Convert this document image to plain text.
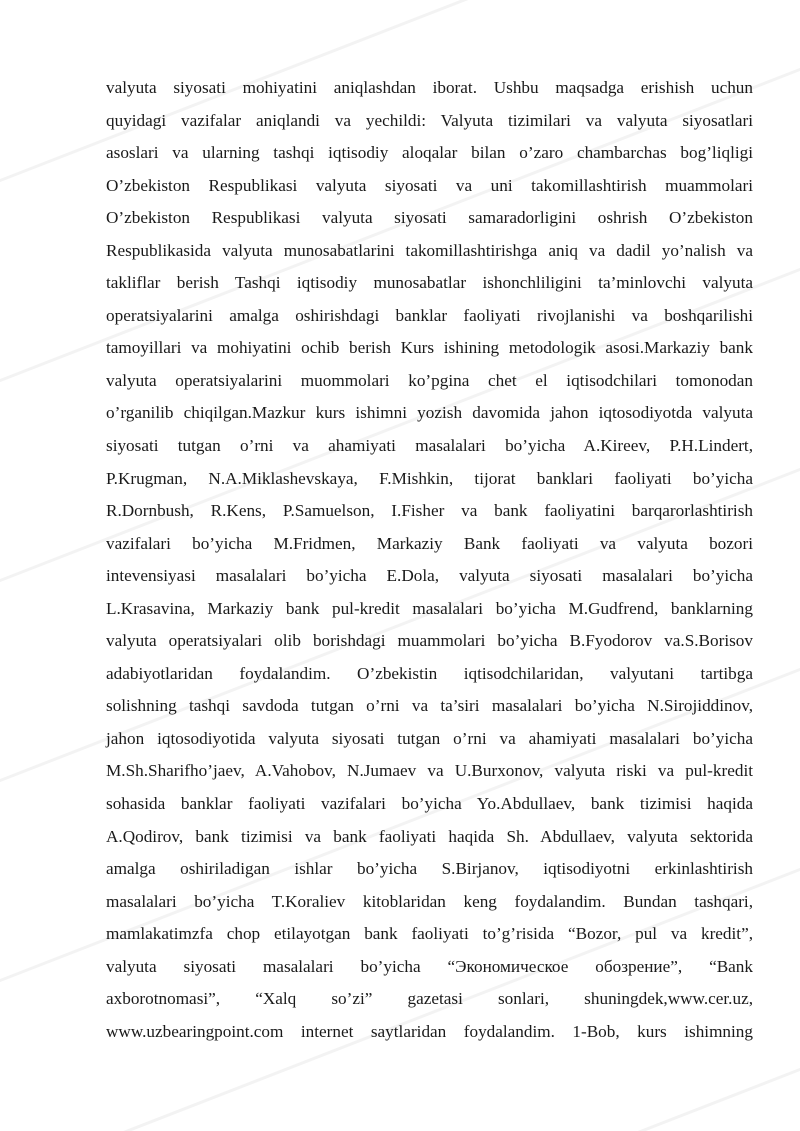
valyuta siyosati mohiyatini aniqlashdan iborat. Ushbu maqsadga erishish uchun
quyidagi vazifalar aniqlandi va yechildi: Valyuta tizimilari va valyuta siyosatlari
asoslari va ularning tashqi iqtisodiy aloqalar bilan o’zaro chambarchas bog’liqligi
O’zbekiston Respublikasi valyuta siyosati va uni takomillashtirish muammolari
O’zbekiston Respublikasi valyuta siyosati samaradorligini oshrish O’zbekiston
Respublikasida valyuta munosabatlarini takomillashtirishga aniq va dadil yo’nalish va
takliflar berish Tashqi iqtisodiy munosabatlar ishonchliligini ta’minlovchi valyuta
operatsiyalarini amalga oshirishdagi banklar faoliyati rivojlanishi va boshqarilishi
tamoyillari va mohiyatini ochib berish Kurs ishining metodologik asosi.Markaziy bank
valyuta operatsiyalarini muommolari ko’pgina chet el iqtisodchilari tomonodan
o’rganilib chiqilgan.Mazkur kurs ishimni yozish davomida jahon iqtosodiyotda valyuta
siyosati tutgan o’rni va ahamiyati masalalari bo’yicha A.Kireev, P.H.Lindert,
P.Krugman, N.A.Miklashevskaya, F.Mishkin, tijorat banklari faoliyati bo’yicha
R.Dornbush, R.Kens, P.Samuelson, I.Fisher va bank faoliyatini barqarorlashtirish
vazifalari bo’yicha M.Fridmen, Markaziy Bank faoliyati va valyuta bozori
intevensiyasi masalalari bo’yicha E.Dola, valyuta siyosati masalalari bo’yicha
L.Krasavina, Markaziy bank pul-kredit masalalari bo’yicha M.Gudfrend, banklarning
valyuta operatsiyalari olib borishdagi muammolari bo’yicha B.Fyodorov va.S.Borisov
adabiyotlaridan foydalandim. O’zbekistin iqtisodchilaridan, valyutani tartibga
solishning tashqi savdoda tutgan o’rni va ta’siri masalalari bo’yicha N.Sirojiddinov,
jahon iqtosodiyotida valyuta siyosati tutgan o’rni va ahamiyati masalalari bo’yicha
M.Sh.Sharifho’jaev, A.Vahobov, N.Jumaev va U.Burxonov, valyuta riski va pul-kredit
sohasida banklar faoliyati vazifalari bo’yicha Yo.Abdullaev, bank tizimisi haqida
A.Qodirov, bank tizimisi va bank faoliyati haqida Sh. Abdullaev, valyuta sektorida
amalga oshiriladigan ishlar bo’yicha S.Birjanov, iqtisodiyotni erkinlashtirish
masalalari bo’yicha T.Koraliev kitoblaridan keng foydalandim. Bundan tashqari,
mamlakatimzfa chop etilayotgan bank faoliyati to’g’risida “Bozor, pul va kredit”,
valyuta siyosati masalalari bo’yicha “Экономическое обозрение”, “Bank
axborotnomasi”, “Xalq so’zi” gazetasi sonlari, shuningdek,www.cer.uz,
www.uzbearingpoint.com internet saytlaridan foydalandim. 1-Bob, kurs ishimning
